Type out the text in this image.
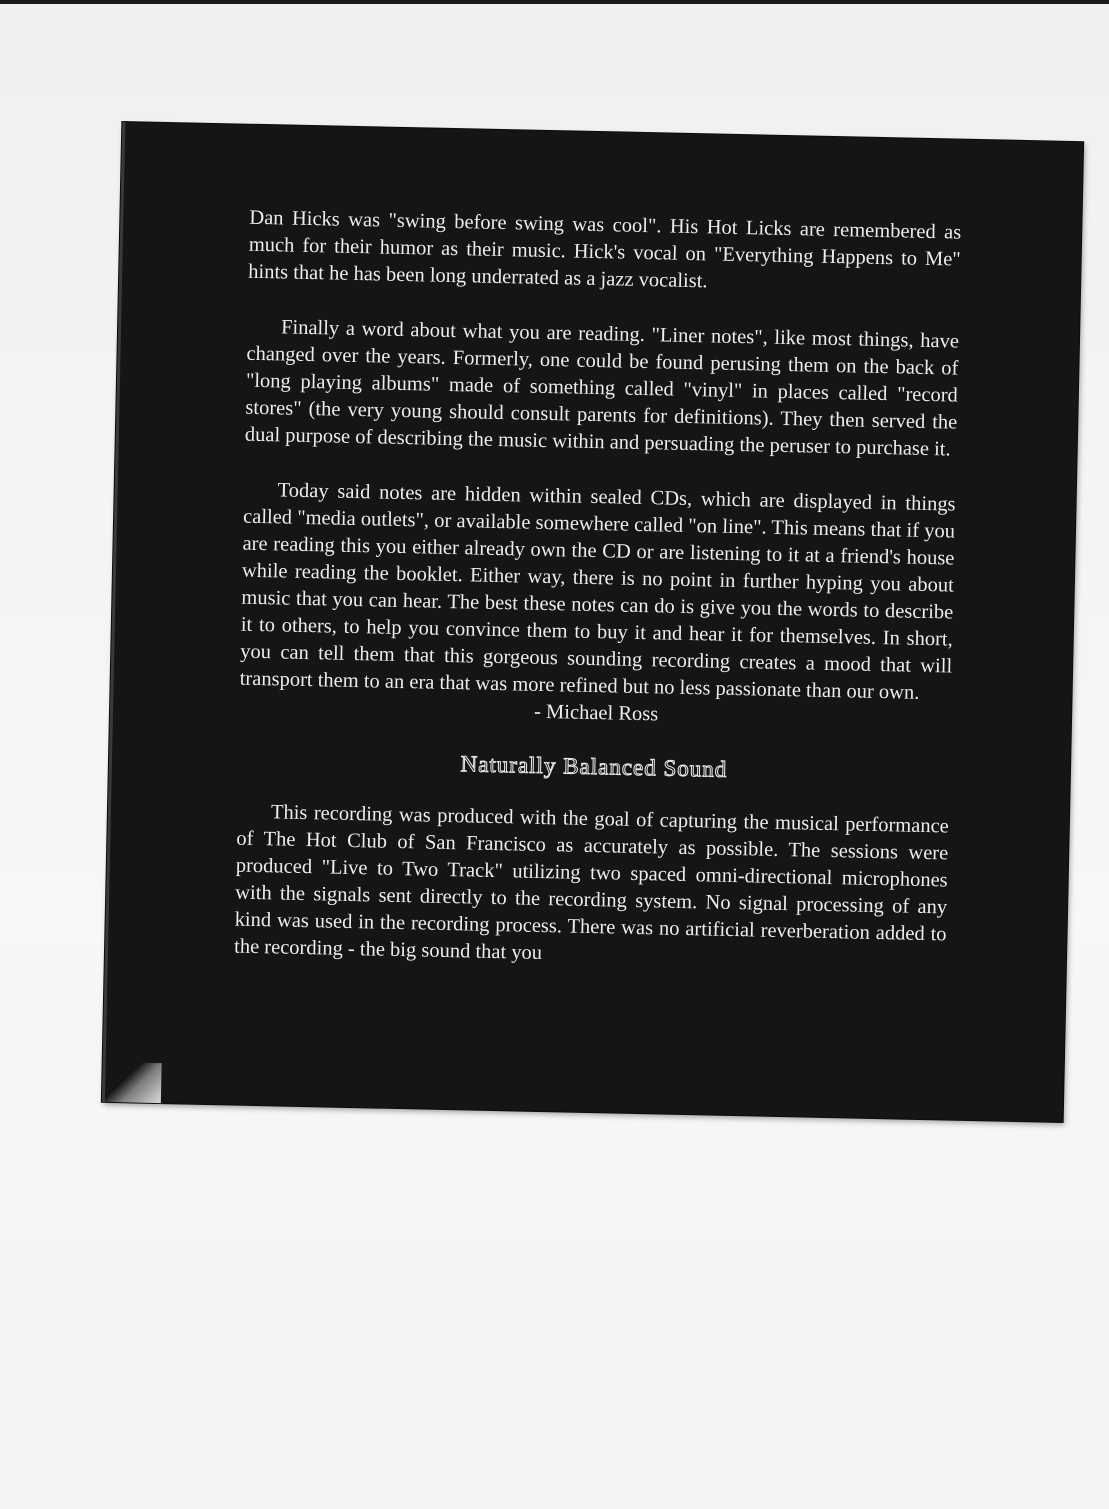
Dan Hicks was "swing before swing was cool". His Hot Licks are remembered as much for their humor as their music. Hick's vocal on "Everything Happens to Me" hints that he has been long underrated as a jazz vocalist.

Finally a word about what you are reading. "Liner notes", like most things, have changed over the years. Formerly, one could be found perusing them on the back of "long playing albums" made of something called "vinyl" in places called "record stores" (the very young should consult parents for definitions). They then served the dual purpose of describing the music within and persuading the peruser to purchase it.

Today said notes are hidden within sealed CDs, which are displayed in things called "media outlets", or available somewhere called "on line". This means that if you are reading this you either already own the CD or are listening to it at a friend's house while reading the booklet. Either way, there is no point in further hyping you about music that you can hear. The best these notes can do is give you the words to describe it to others, to help you convince them to buy it and hear it for themselves. In short, you can tell them that this gorgeous sounding recording creates a mood that will transport them to an era that was more refined but no less passionate than our own.

- Michael Ross
Naturally Balanced Sound

This recording was produced with the goal of capturing the musical performance of The Hot Club of San Francisco as accurately as possible. The sessions were produced "Live to Two Track" utilizing two spaced omni-directional microphones with the signals sent directly to the recording system. No signal processing of any kind was used in the recording process. There was no artificial reverberation added to the recording - the big sound that you
